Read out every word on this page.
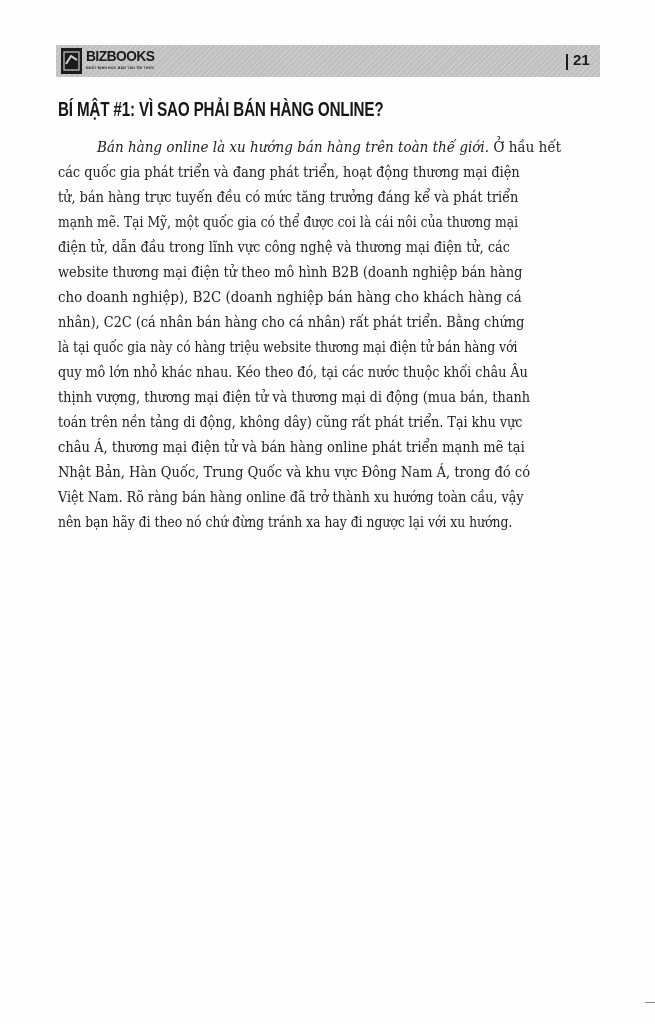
BIZBOOKS
NHẤT ĐỊNH ĐỌC BÁN TẤN TRI THỨC	21
BÍ MẬT #1: VÌ SAO PHẢI BÁN HÀNG ONLINE?
Bán hàng online là xu hướng bán hàng trên toàn thế giới. Ở hầu hết
các quốc gia phát triển và đang phát triển, hoạt động thương mại điện
tử, bán hàng trực tuyến đều có mức tăng trưởng đáng kể và phát triển
mạnh mẽ. Tại Mỹ, một quốc gia có thể được coi là cái nôi của thương mại
điện tử, dẫn đầu trong lĩnh vực công nghệ và thương mại điện tử, các
website thương mại điện tử theo mô hình B2B (doanh nghiệp bán hàng
cho doanh nghiệp), B2C (doanh nghiệp bán hàng cho khách hàng cá
nhân), C2C (cá nhân bán hàng cho cá nhân) rất phát triển. Bằng chứng
là tại quốc gia này có hàng triệu website thương mại điện tử bán hàng với
quy mô lớn nhỏ khác nhau. Kéo theo đó, tại các nước thuộc khối châu Âu
thịnh vượng, thương mại điện tử và thương mại di động (mua bán, thanh
toán trên nền tảng di động, không dây) cũng rất phát triển. Tại khu vực
châu Á, thương mại điện tử và bán hàng online phát triển mạnh mẽ tại
Nhật Bản, Hàn Quốc, Trung Quốc và khu vực Đông Nam Á, trong đó có
Việt Nam. Rõ ràng bán hàng online đã trở thành xu hướng toàn cầu, vậy
nên bạn hãy đi theo nó chứ đừng tránh xa hay đi ngược lại với xu hướng.
